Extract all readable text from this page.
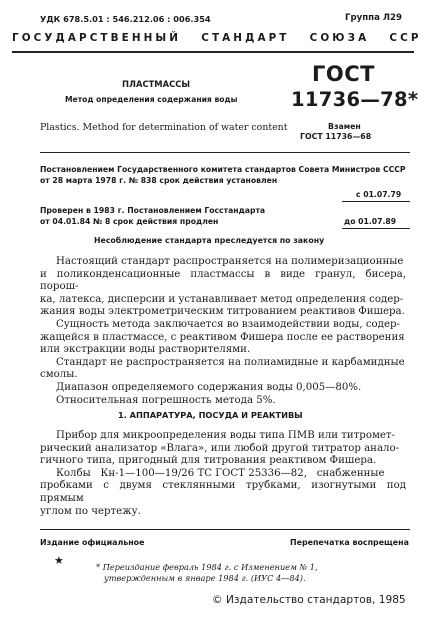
УДК 678.5.01 : 546.212.06 : 006.354	Группа Л29
ГОСУДАРСТВЕННЫЙ   СТАНДАРТ   СОЮЗА   ССР
ПЛАСТМАССЫ
Метод определения содержания воды
Plastics. Method for determination of water content
ГОСТ
11736—78*
Взамен
ГОСТ 11736—68
Постановлением Государственного комитета стандартов Совета Министров СССР
от 28 марта 1978 г. № 838 срок действия установлен
с 01.07.79
Проверен в 1983 г. Постановлением Госстандарта
от 04.01.84 № 8 срок действия продлен	до 01.07.89
Несоблюдение стандарта преследуется по закону

Настоящий стандарт распространяется на полимеризационные

и поликонденсационные пластмассы в виде гранул, бисера, порош-

ка, латекса, дисперсии и устанавливает метод определения содер-

жания воды электрометрическим титрованием реактивов Фишера.

Сущность метода заключается во взаимодействии воды, содер-

жащейся в пластмассе, с реактивом Фишера после ее растворения

или экстракции воды растворителями.

Стандарт не распространяется на полиамидные и карбамидные

смолы.

Диапазон определяемого содержания воды 0,005—80%.

Относительная погрешность метода 5%.

1. АППАРАТУРА, ПОСУДА И РЕАКТИВЫ

Прибор для микроопределения воды типа ПМВ или титромет-

рический анализатор «Влага», или любой другой титратор анало-

гичного типа, пригодный для титрования реактивом Фишера.

Колбы   Кн-1—100—19/26 ТС ГОСТ 25336—82,   снабженные

пробками с двумя стеклянными трубками, изогнутыми под прямым

углом по чертежу.

Издание официальное	Перепечатка воспрещена
★	* Переиздание февраль 1984 г. с Изменением № 1,
утвержденным в январе 1984 г. (ИУС 4—84).
© Издательство стандартов, 1985
